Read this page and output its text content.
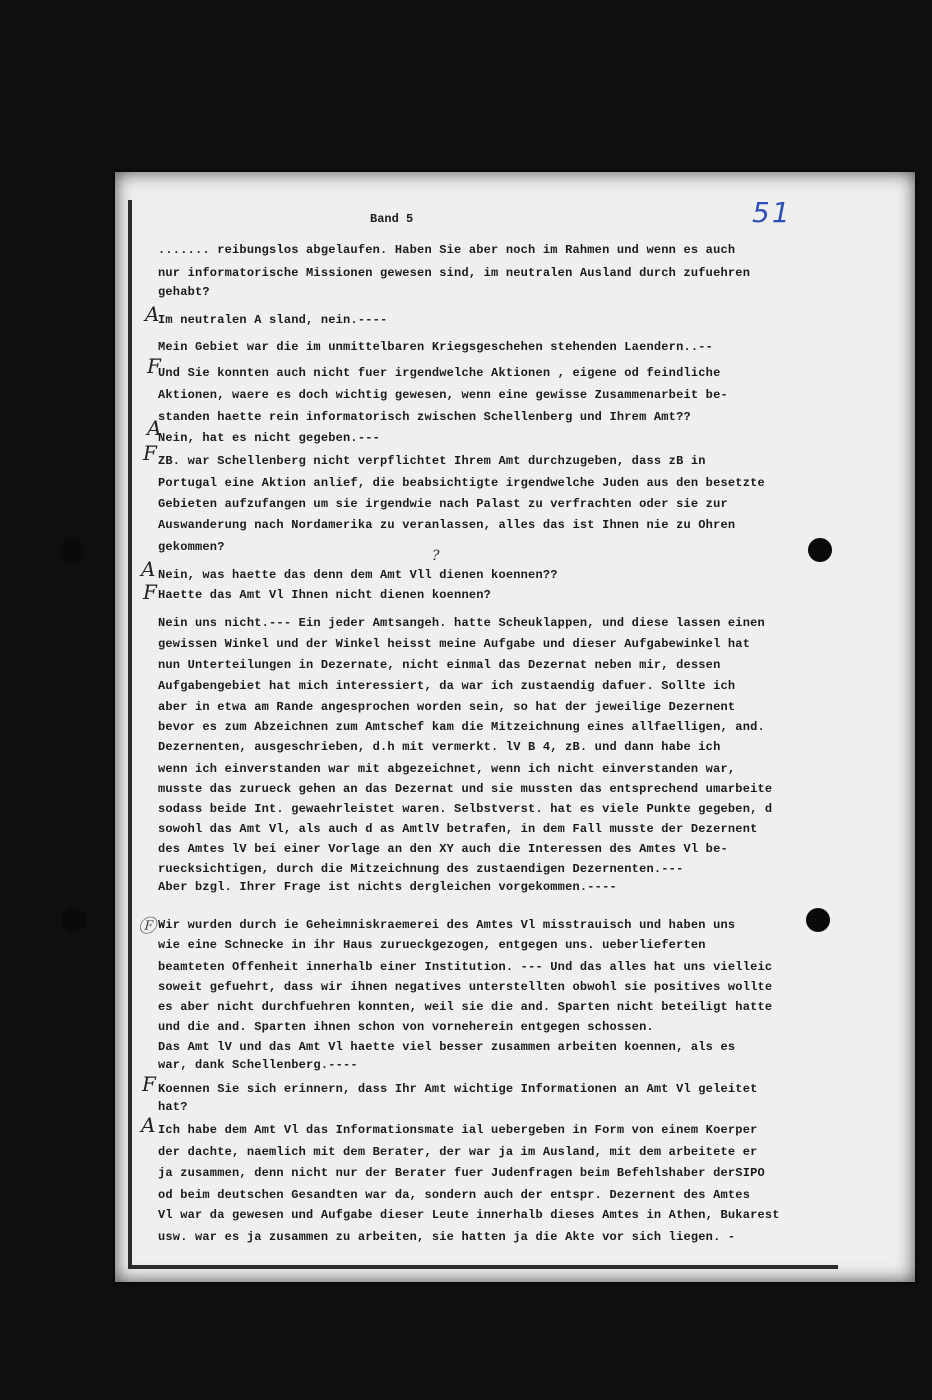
Band 5	51
....... reibungslos abgelaufen. Haben Sie aber noch im Rahmen und wenn es auch
nur informatorische Missionen gewesen sind, im neutralen Ausland durch zufuehren
gehabt?
Im neutralen A sland, nein.----
Mein Gebiet war die im unmittelbaren Kriegsgeschehen stehenden Laendern..--
Und Sie konnten auch nicht fuer irgendwelche Aktionen , eigene od feindliche
Aktionen, waere es doch wichtig gewesen, wenn eine gewisse Zusammenarbeit be-
standen haette rein informatorisch zwischen Schellenberg und Ihrem Amt??
Nein, hat es nicht gegeben.---
ZB. war Schellenberg nicht verpflichtet Ihrem Amt durchzugeben, dass zB in
Portugal eine Aktion anlief, die beabsichtigte irgendwelche Juden aus den besetzte
Gebieten aufzufangen um sie irgendwie nach Palast zu verfrachten oder sie zur
Auswanderung nach Nordamerika zu veranlassen, alles das ist Ihnen nie zu Ohren
gekommen?
Nein, was haette das denn dem Amt Vll dienen koennen??
Haette das Amt Vl Ihnen nicht dienen koennen?
Nein uns nicht.--- Ein jeder Amtsangeh. hatte Scheuklappen, und diese lassen einen
gewissen Winkel und der Winkel heisst meine Aufgabe und dieser Aufgabewinkel hat
nun Unterteilungen in Dezernate, nicht einmal das Dezernat neben mir, dessen
Aufgabengebiet hat mich interessiert, da war ich zustaendig dafuer. Sollte ich
aber in etwa am Rande angesprochen worden sein, so hat der jeweilige Dezernent
bevor es zum Abzeichnen zum Amtschef kam die Mitzeichnung eines allfaelligen, and.
Dezernenten, ausgeschrieben, d.h mit vermerkt. lV B 4, zB. und dann habe ich
wenn ich einverstanden war mit abgezeichnet, wenn ich nicht einverstanden war,
musste das zurueck gehen an das Dezernat und sie mussten das entsprechend umarbeite
sodass beide Int. gewaehrleistet waren. Selbstverst. hat es viele Punkte gegeben, d
sowohl das Amt Vl, als auch d as AmtlV betrafen, in dem Fall musste der Dezernent
des Amtes lV bei einer Vorlage an den XY auch die Interessen des Amtes Vl be-
ruecksichtigen, durch die Mitzeichnung des zustaendigen Dezernenten.---
Aber bzgl. Ihrer Frage ist nichts dergleichen vorgekommen.----
Wir wurden durch ie Geheimniskraemerei des Amtes Vl misstrauisch und haben uns
wie eine Schnecke in ihr Haus zurueckgezogen, entgegen uns. ueberlieferten
beamteten Offenheit innerhalb einer Institution. --- Und das alles hat uns vielleic
soweit gefuehrt, dass wir ihnen negatives unterstellten obwohl sie positives wollte
es aber nicht durchfuehren konnten, weil sie die and. Sparten nicht beteiligt hatte
und die and. Sparten ihnen schon von vorneherein entgegen schossen.
Das Amt lV und das Amt Vl haette viel besser zusammen arbeiten koennen, als es
war, dank Schellenberg.----
Koennen Sie sich erinnern, dass Ihr Amt wichtige Informationen an Amt Vl geleitet
hat?
Ich habe dem Amt Vl das Informationsmate ial uebergeben in Form von einem Koerper
der dachte, naemlich mit dem Berater, der war ja im Ausland, mit dem arbeitete er
ja zusammen, denn nicht nur der Berater fuer Judenfragen beim Befehlshaber derSIPO
od beim deutschen Gesandten war da, sondern auch der entspr. Dezernent des Amtes
Vl war da gewesen und Aufgabe dieser Leute innerhalb dieses Amtes in Athen, Bukarest
usw. war es ja zusammen zu arbeiten, sie hatten ja die Akte vor sich liegen. -
A
F
A
F
A
F
F
A
?
Ⓕ
